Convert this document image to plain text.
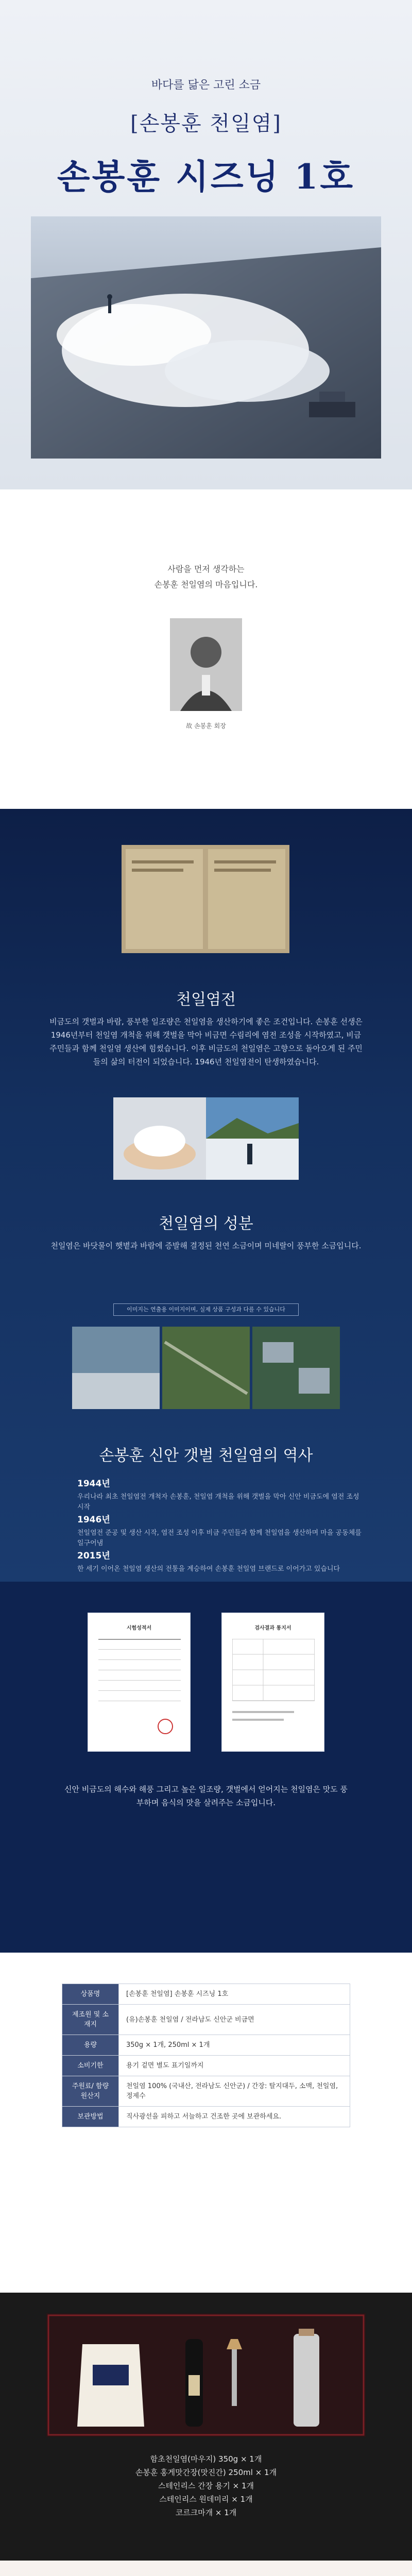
바다를 닮은 고린 소금
[손봉훈 천일염]
손봉훈 시즈닝 1호
사람을 먼저 생각하는
손봉훈 천일염의 마음입니다.
故 손봉훈 회장
천일염전
비금도의 갯벌과 바람, 풍부한 일조량은 천일염을 생산하기에 좋은 조건입니다. 손봉훈 선생은 1946년부터 천일염 개척을 위해 갯벌을 막아 비금면 수림리에 염전 조성을 시작하였고, 비금 주민들과 함께 천일염 생산에 힘썼습니다. 이후 비금도의 천일염은 고향으로 돌아오게 된 주민들의 삶의 터전이 되었습니다. 1946년 천일염전이 탄생하였습니다.
천일염의 성분
천일염은 바닷물이 햇볕과 바람에 증발해 결정된 천연 소금이며 미네랄이 풍부한 소금입니다.
이미지는 연출용 이미지이며, 실제 상품 구성과 다를 수 있습니다
손봉훈 신안 갯벌 천일염의 역사
1944년
우리나라 최초 천일염전 개척자 손봉훈, 천일염 개척을 위해 갯벌을 막아 신안 비금도에 염전 조성 시작
1946년
천일염전 준공 및 생산 시작, 염전 조성 이후 비금 주민들과 함께 천일염을 생산하며 마을 공동체를 일구어냄
2015년
한 세기 이어온 천일염 생산의 전통을 계승하여 손봉훈 천일염 브랜드로 이어가고 있습니다
시험성적서	검사결과 통지서
신안 비금도의 해수와 해풍 그리고 높은 일조량, 갯벌에서 얻어지는 천일염은 맛도 풍부하며 음식의 맛을 살려주는 소금입니다.
상품명	[손봉훈 천일염] 손봉훈 시즈닝 1호
제조원 및 소재지	(유)손봉훈 천일염 / 전라남도 신안군 비금면
용량	350g × 1개, 250ml × 1개
소비기한	용기 겉면 별도 표기일까지
주원료/ 함량 원산지	천일염 100% (국내산, 전라남도 신안군) / 간장: 탈지대두, 소맥, 천일염, 정제수
보관방법	직사광선을 피하고 서늘하고 건조한 곳에 보관하세요.
함초천일염(마우지) 350g × 1개
손봉훈 홍게맛간장(맛진간) 250ml × 1개
스테인리스 간장 용기 × 1개
스테인리스 원데미리 × 1개
코르크마개 × 1개
